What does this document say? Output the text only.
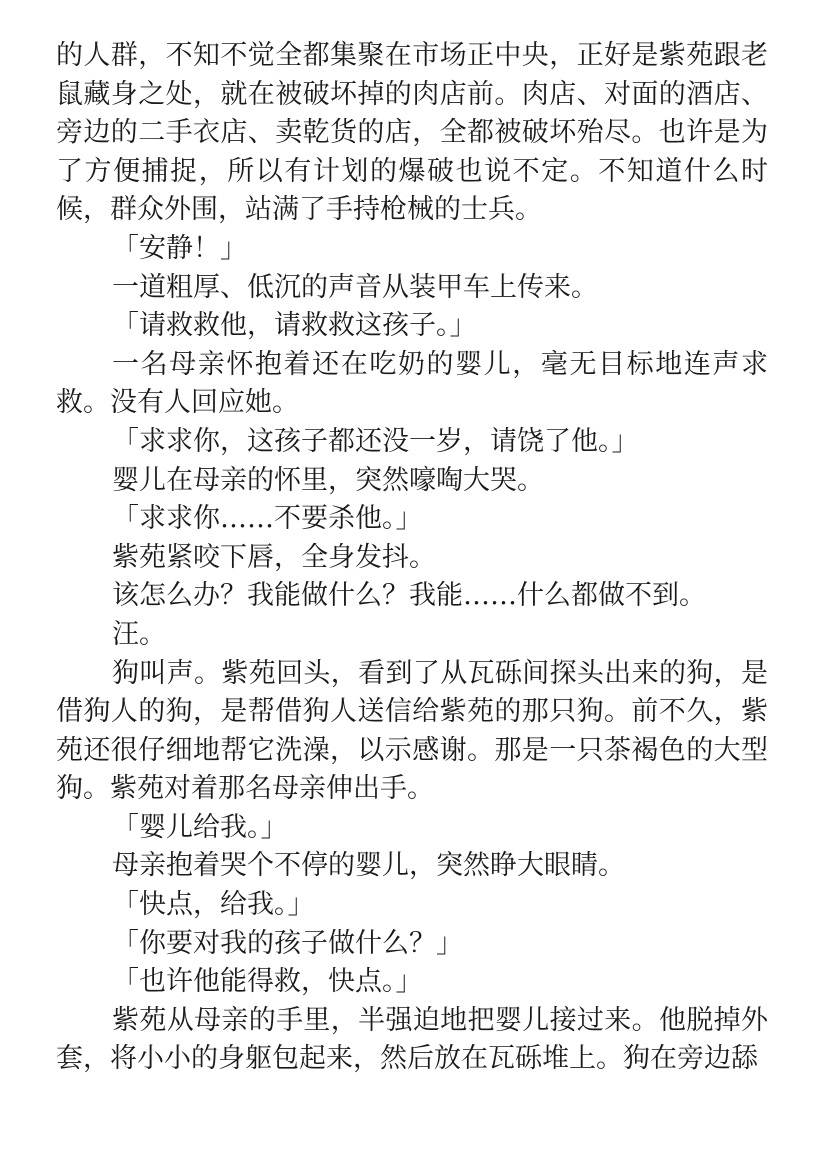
的人群，不知不觉全都集聚在市场正中央，正好是紫苑跟老鼠藏身之处，就在被破坏掉的肉店前。肉店、对面的酒店、旁边的二手衣店、卖乾货的店，全都被破坏殆尽。也许是为了方便捕捉，所以有计划的爆破也说不定。不知道什么时候，群众外围，站满了手持枪械的士兵。

「安静！」

一道粗厚、低沉的声音从装甲车上传来。

「请救救他，请救救这孩子。」

一名母亲怀抱着还在吃奶的婴儿，毫无目标地连声求救。没有人回应她。

「求求你，这孩子都还没一岁，请饶了他。」

婴儿在母亲的怀里，突然嚎啕大哭。

「求求你……不要杀他。」

紫苑紧咬下唇，全身发抖。

该怎么办？我能做什么？我能……什么都做不到。

汪。

狗叫声。紫苑回头，看到了从瓦砾间探头出来的狗，是借狗人的狗，是帮借狗人送信给紫苑的那只狗。前不久，紫苑还很仔细地帮它洗澡，以示感谢。那是一只茶褐色的大型狗。紫苑对着那名母亲伸出手。

「婴儿给我。」

母亲抱着哭个不停的婴儿，突然睁大眼睛。

「快点，给我。」

「你要对我的孩子做什么？」

「也许他能得救，快点。」

紫苑从母亲的手里，半强迫地把婴儿接过来。他脱掉外套，将小小的身躯包起来，然后放在瓦砾堆上。狗在旁边舔
